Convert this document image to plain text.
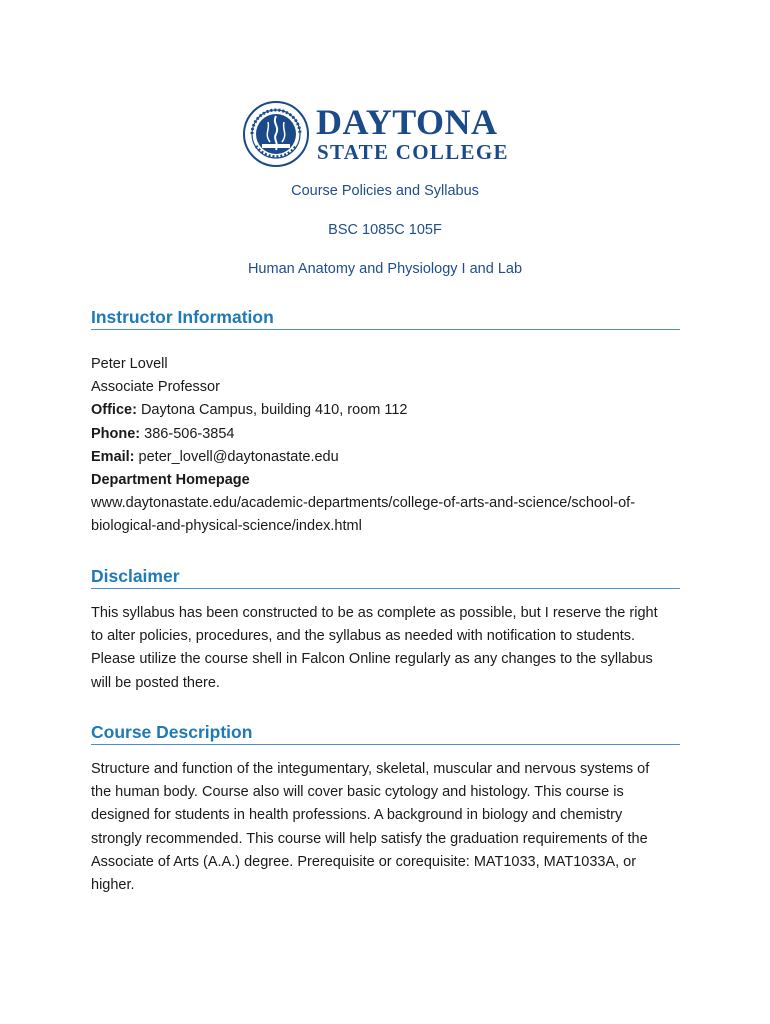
DAYTONA
STATE COLLEGE
Course Policies and Syllabus
BSC 1085C 105F
Human Anatomy and Physiology I and Lab
Instructor Information

Peter Lovell

Associate Professor

Office: Daytona Campus, building 410, room 112

Phone: 386-506-3854

Email: peter_lovell@daytonastate.edu

Department Homepage

www.daytonastate.edu/academic-departments/college-of-arts-and-science/school-of-

biological-and-physical-science/index.html

Disclaimer

This syllabus has been constructed to be as complete as possible, but I reserve the right

to alter policies, procedures, and the syllabus as needed with notification to students.

Please utilize the course shell in Falcon Online regularly as any changes to the syllabus

will be posted there.

Course Description

Structure and function of the integumentary, skeletal, muscular and nervous systems of

the human body. Course also will cover basic cytology and histology. This course is

designed for students in health professions. A background in biology and chemistry

strongly recommended. This course will help satisfy the graduation requirements of the

Associate of Arts (A.A.) degree. Prerequisite or corequisite: MAT1033, MAT1033A, or

higher.
